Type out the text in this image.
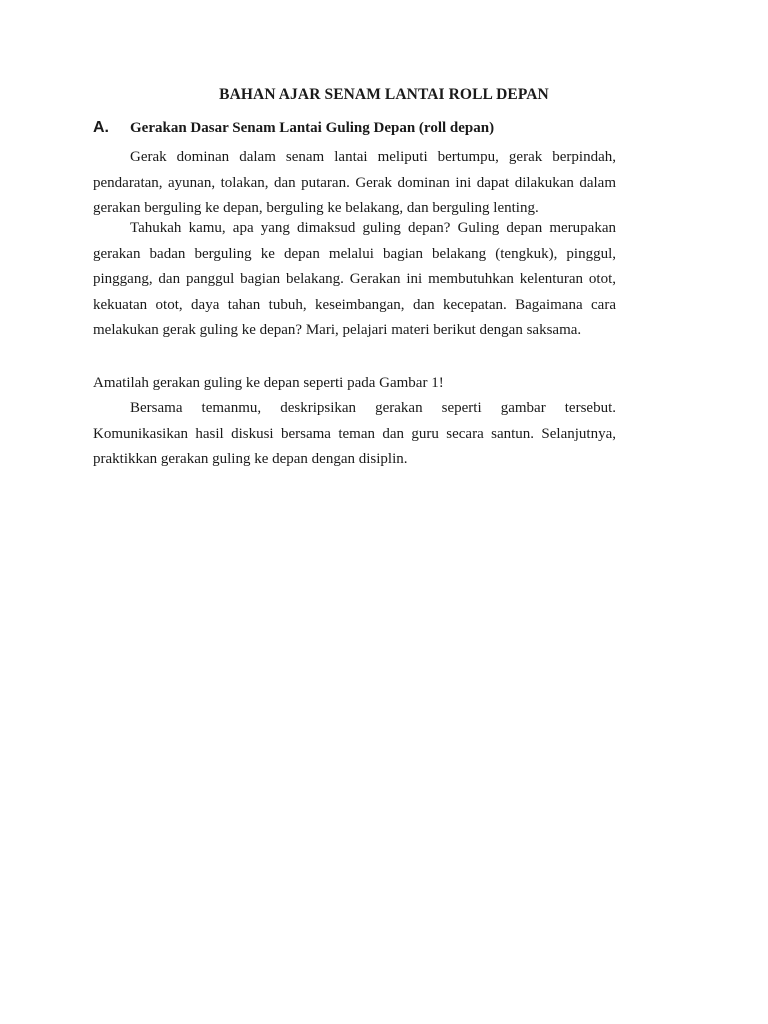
BAHAN AJAR SENAM LANTAI ROLL DEPAN
A. Gerakan Dasar Senam Lantai Guling Depan (roll depan)

Gerak dominan dalam senam lantai meliputi bertumpu, gerak berpindah, pendaratan, ayunan, tolakan, dan putaran. Gerak dominan ini dapat dilakukan dalam gerakan berguling ke depan, berguling ke belakang, dan berguling lenting.

Tahukah kamu, apa yang dimaksud guling depan? Guling depan merupakan gerakan badan berguling ke depan melalui bagian belakang (tengkuk), pinggul, pinggang, dan panggul bagian belakang. Gerakan ini membutuhkan kelenturan otot, kekuatan otot, daya tahan tubuh, keseimbangan, dan kecepatan. Bagaimana cara melakukan gerak guling ke depan? Mari, pelajari materi berikut dengan saksama.

Amatilah gerakan guling ke depan seperti pada Gambar 1!

Bersama temanmu, deskripsikan gerakan seperti gambar tersebut. Komunikasikan hasil diskusi bersama teman dan guru secara santun. Selanjutnya, praktikkan gerakan guling ke depan dengan disiplin.
